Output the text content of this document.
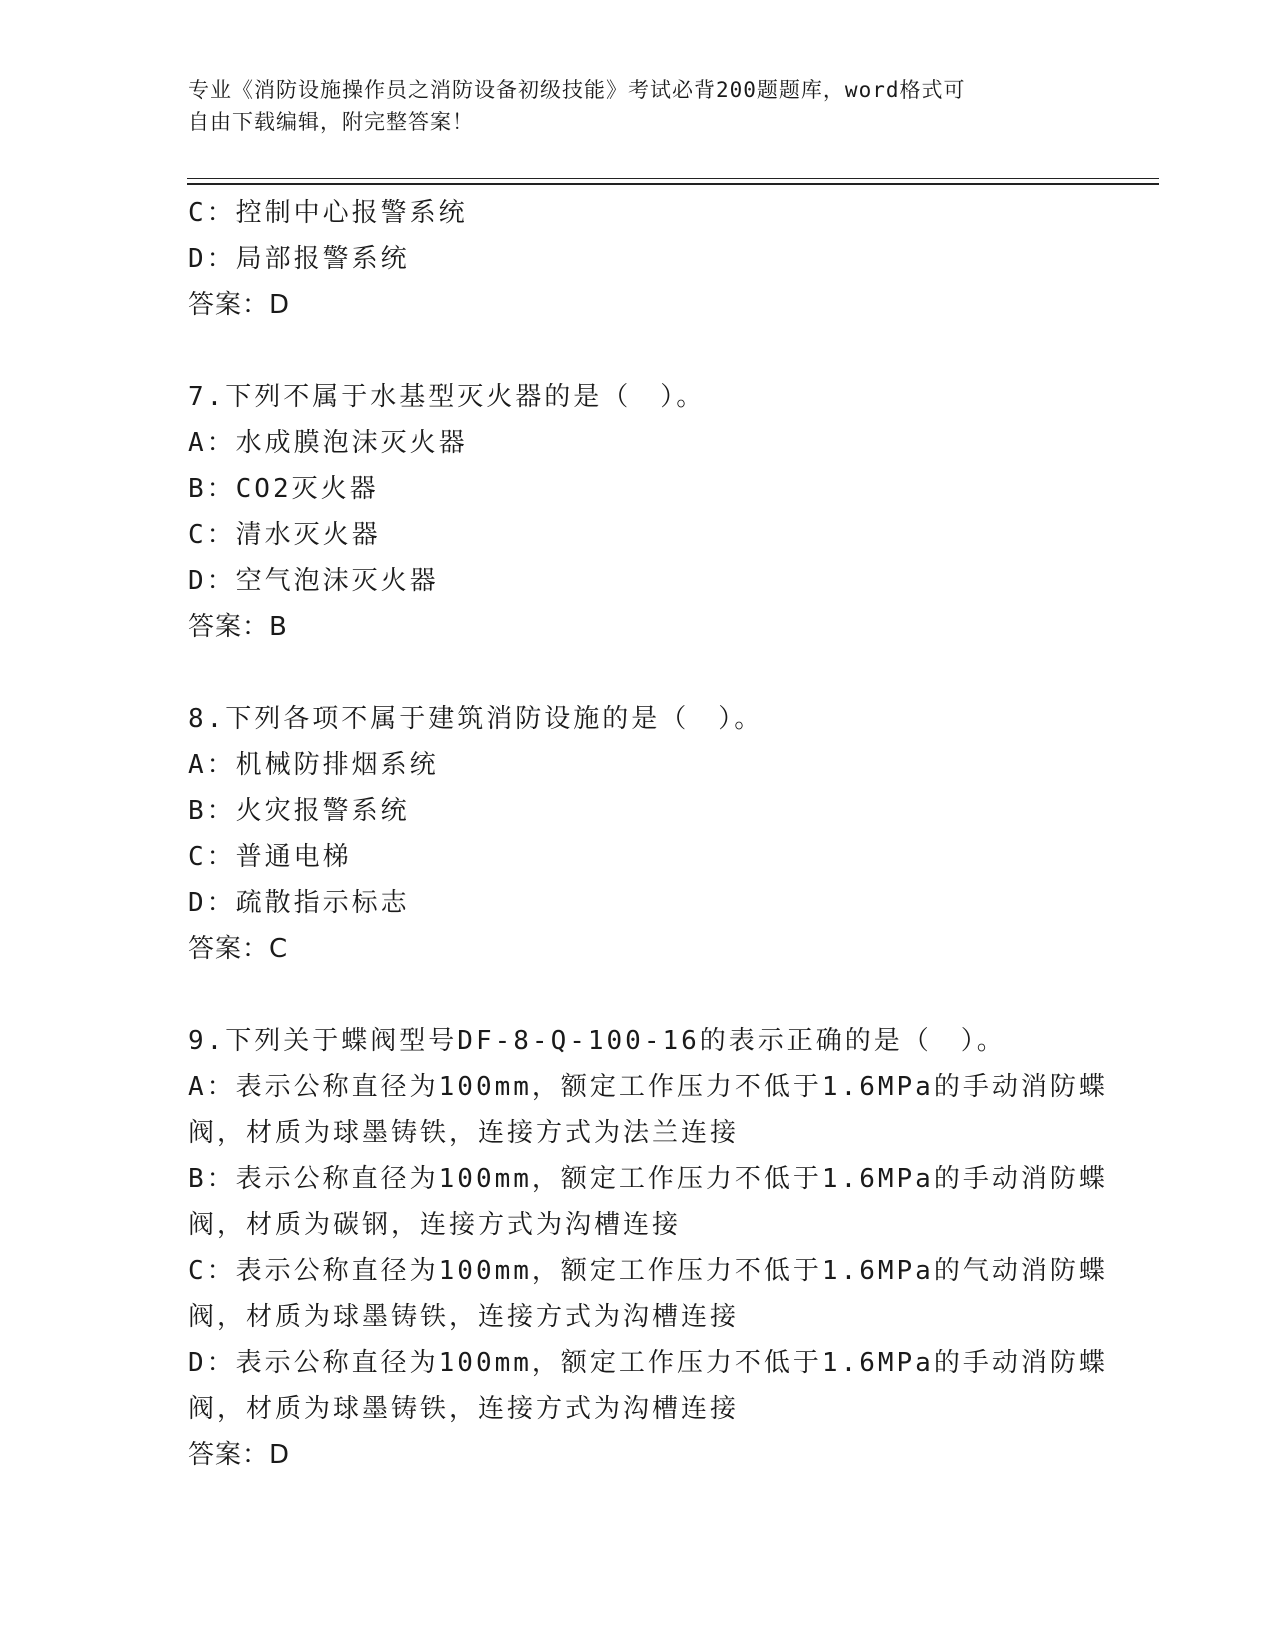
专业《消防设施操作员之消防设备初级技能》考试必背200题题库，word格式可
自由下载编辑，附完整答案！
C：控制中心报警系统
D：局部报警系统
答案：D
7.下列不属于水基型灭火器的是（　）。
A：水成膜泡沫灭火器
B：CO2灭火器
C：清水灭火器
D：空气泡沫灭火器
答案：B
8.下列各项不属于建筑消防设施的是（　）。
A：机械防排烟系统
B：火灾报警系统
C：普通电梯
D：疏散指示标志
答案：C
9.下列关于蝶阀型号DF-8-Q-100-16的表示正确的是（　）。
A：表示公称直径为100mm，额定工作压力不低于1.6MPa的手动消防蝶
阀，材质为球墨铸铁，连接方式为法兰连接
B：表示公称直径为100mm，额定工作压力不低于1.6MPa的手动消防蝶
阀，材质为碳钢，连接方式为沟槽连接
C：表示公称直径为100mm，额定工作压力不低于1.6MPa的气动消防蝶
阀，材质为球墨铸铁，连接方式为沟槽连接
D：表示公称直径为100mm，额定工作压力不低于1.6MPa的手动消防蝶
阀，材质为球墨铸铁，连接方式为沟槽连接
答案：D
